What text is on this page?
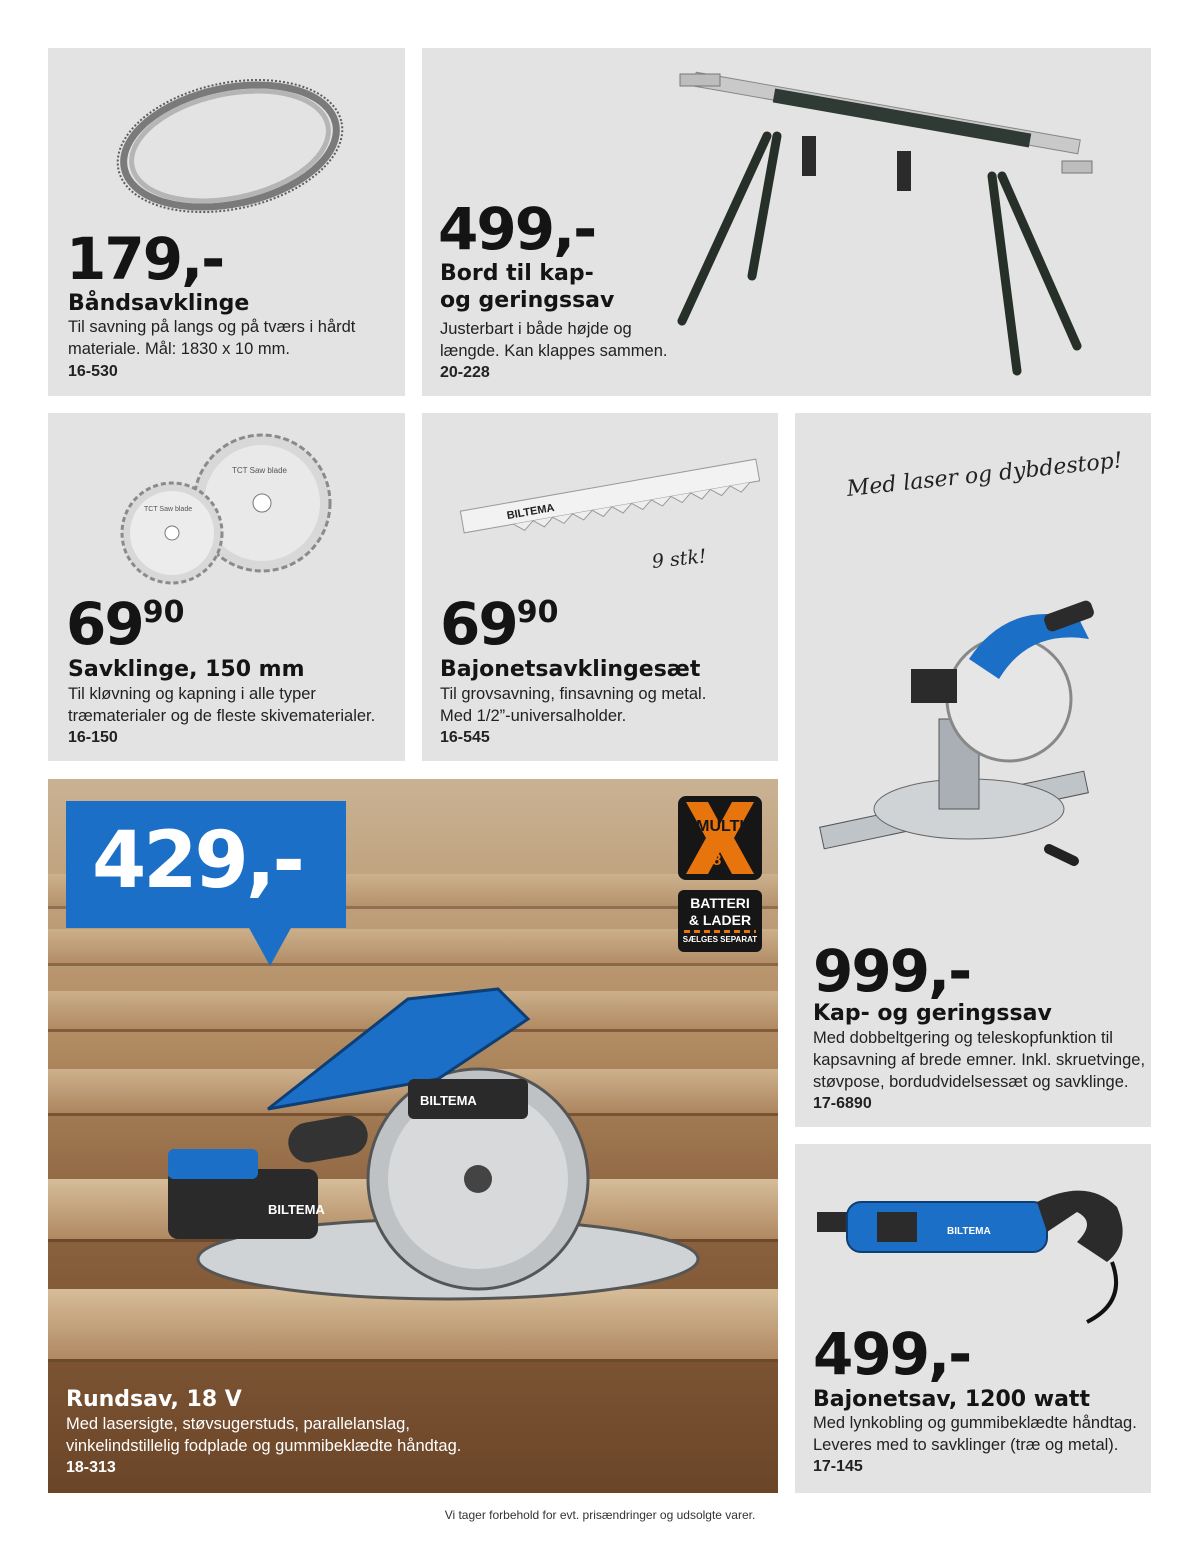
179,-
Båndsavklinge

Til savning på langs og på tværs i hårdt

materiale. Mål: 1830 x 10 mm.

16-530
499,-
Bord til kap-
og geringssav

Justerbart i både højde og

længde. Kan klappes sammen.

20-228
TCT Saw blade
TCT Saw blade
$69^{90}$
Savklinge, 150 mm

Til kløvning og kapning i alle typer

træmaterialer og de fleste skivematerialer.

16-150
BILTEMA
9 stk!
$69^{90}$
Bajonetsavklingesæt

Til grovsavning, finsavning og metal.

Med 1/2”-universalholder.

16-545
Med laser og dybdestop!
999,-
Kap- og geringssav

Med dobbeltgering og teleskopfunktion til

kapsavning af brede emner. Inkl. skruetvinge,

støvpose, bordudvidelsessæt og savklinge.

17-6890
BILTEMA
BILTEMA
Rundsav, 18 V

Med lasersigte, støvsugerstuds, parallelanslag,

vinkelindstillelig fodplade og gummibeklædte håndtag.

18-313
429,-	MULTI
18 V
BATTERI
& LADER
SÆLGES SEPARAT
BILTEMA
499,-
Bajonetsav, 1200 watt

Med lynkobling og gummibeklædte håndtag.

Leveres med to savklinger (træ og metal).

17-145
Vi tager forbehold for evt. prisændringer og udsolgte varer.
